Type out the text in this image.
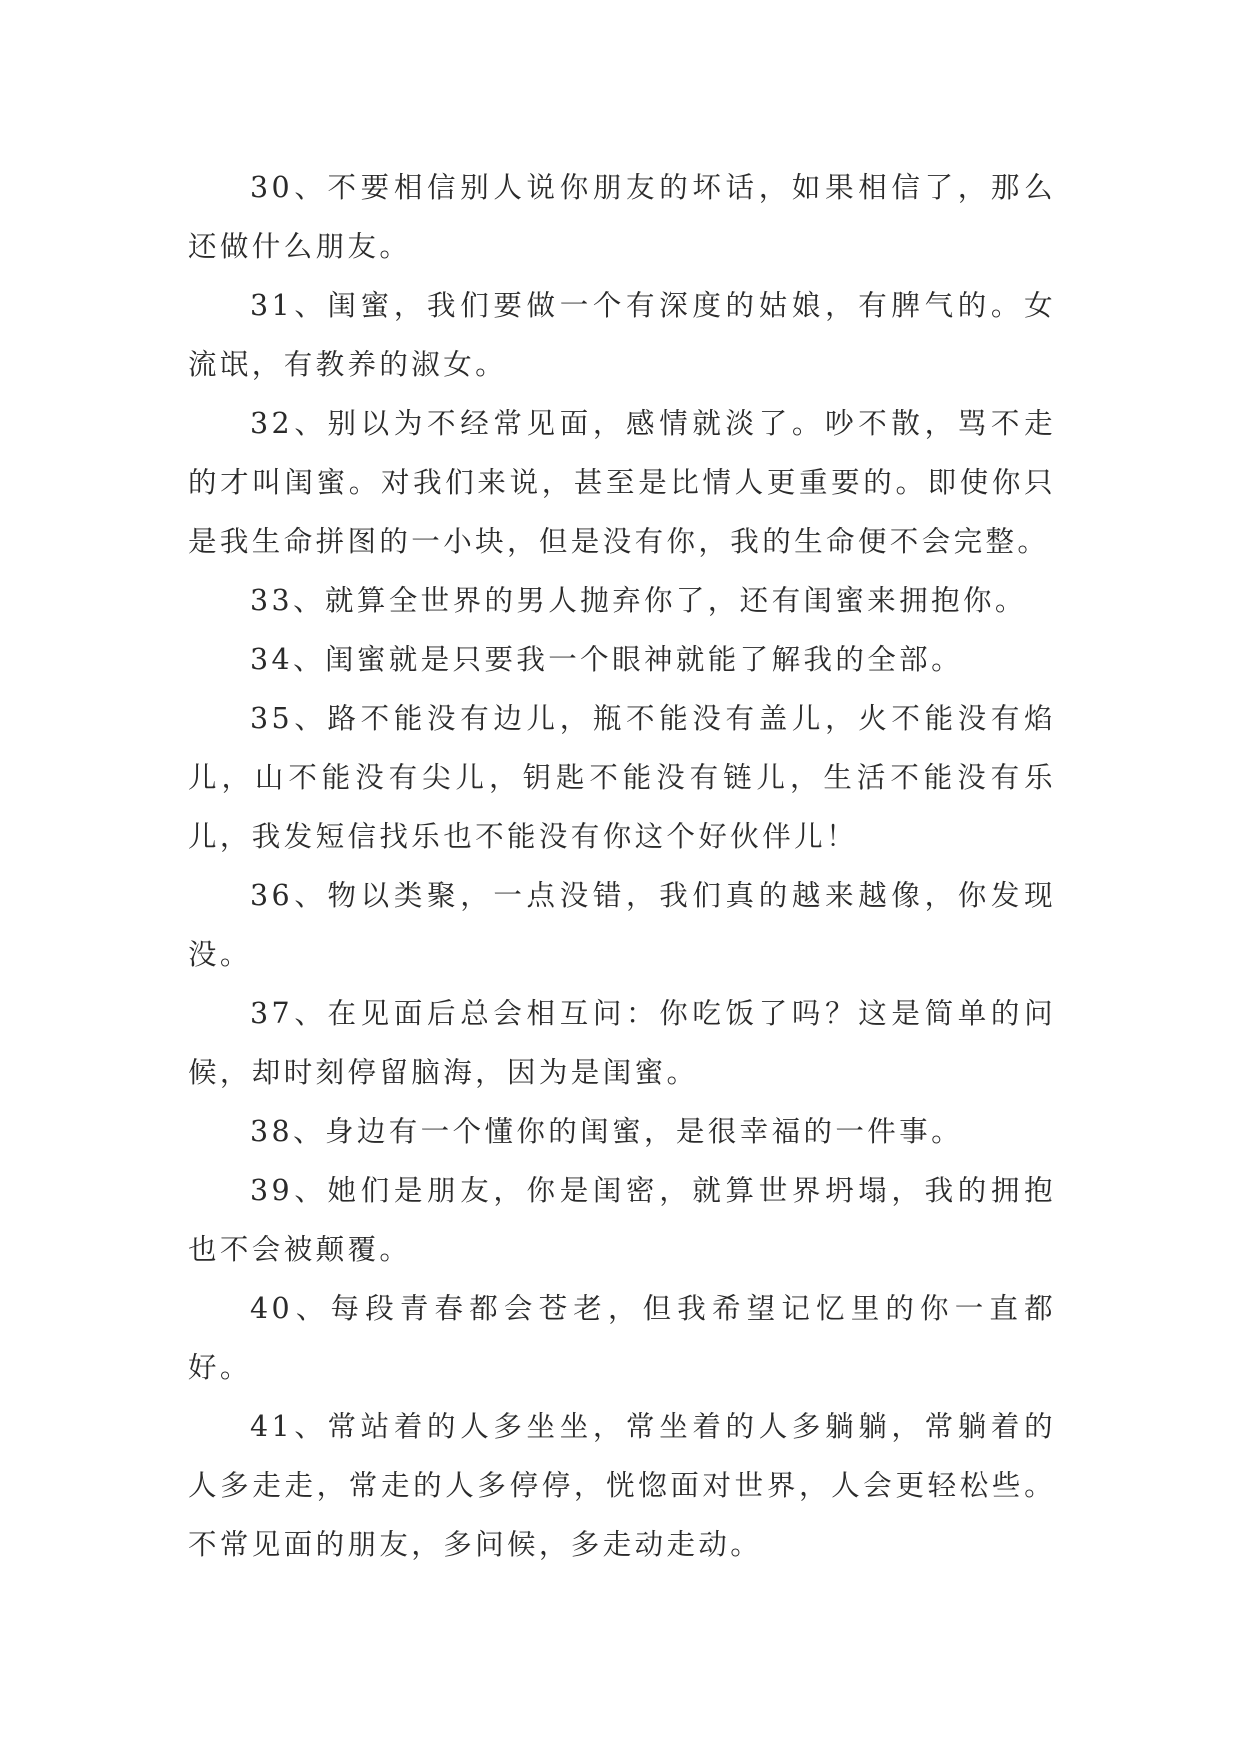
30、不要相信别人说你朋友的坏话，如果相信了，那么还做什么朋友。

31、闺蜜，我们要做一个有深度的姑娘，有脾气的。女流氓，有教养的淑女。

32、别以为不经常见面，感情就淡了。吵不散，骂不走的才叫闺蜜。对我们来说，甚至是比情人更重要的。即使你只是我生命拼图的一小块，但是没有你，我的生命便不会完整。

33、就算全世界的男人抛弃你了，还有闺蜜来拥抱你。

34、闺蜜就是只要我一个眼神就能了解我的全部。

35、路不能没有边儿，瓶不能没有盖儿，火不能没有焰儿，山不能没有尖儿，钥匙不能没有链儿，生活不能没有乐儿，我发短信找乐也不能没有你这个好伙伴儿！

36、物以类聚，一点没错，我们真的越来越像，你发现没。

37、在见面后总会相互问：你吃饭了吗？这是简单的问候，却时刻停留脑海，因为是闺蜜。

38、身边有一个懂你的闺蜜，是很幸福的一件事。

39、她们是朋友，你是闺密，就算世界坍塌，我的拥抱也不会被颠覆。

40、每段青春都会苍老，但我希望记忆里的你一直都好。

41、常站着的人多坐坐，常坐着的人多躺躺，常躺着的人多走走，常走的人多停停，恍惚面对世界，人会更轻松些。不常见面的朋友，多问候，多走动走动。
